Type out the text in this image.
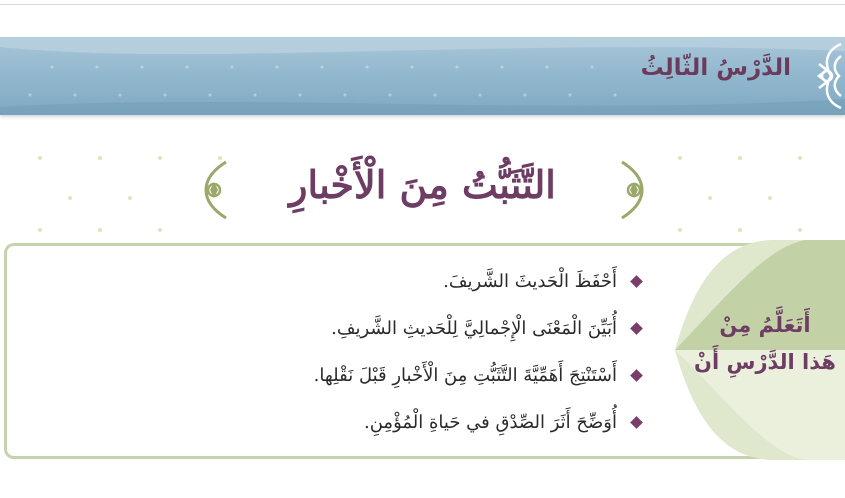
الدَّرْسُ الثّالِثُ
التَّثَبُّتُ مِنَ الْأَخْبارِ
أَتَعَلَّمُ مِنْ
هَذا الدَّرْسِ أَنْ
أَحْفَظَ الْحَديثَ الشَّريفَ.
أُبَيِّنَ الْمَعْنَى الْإِجْمالِيَّ لِلْحَديثِ الشَّريفِ.
أَسْتَنْتِجَ أَهَمِّيَّةَ التَّثَبُّتِ مِنَ الْأَخْبارِ قَبْلَ نَقْلِها.
أُوَضِّحَ أَثَرَ الصِّدْقِ في حَياةِ الْمُؤْمِنِ.
